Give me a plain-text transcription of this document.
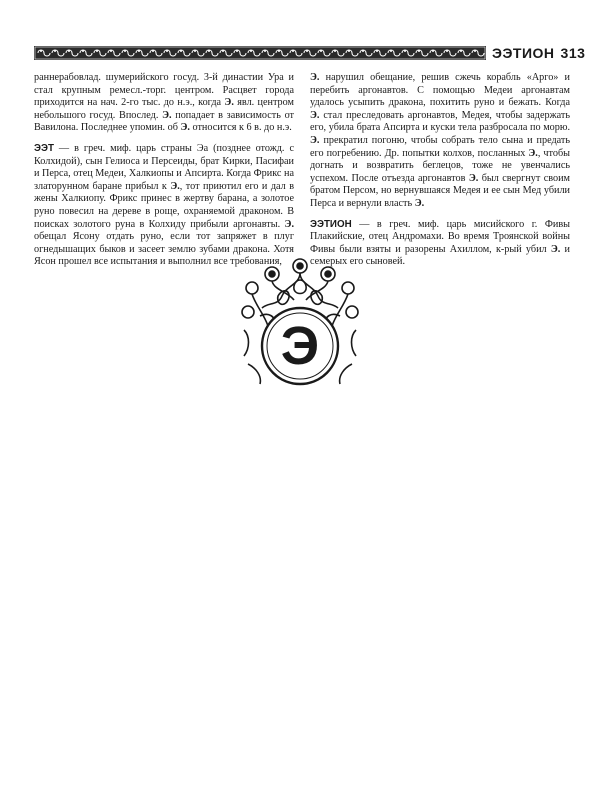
ЭЭТИОН 313

раннерабовлад. шумерийского госуд. 3-й династии Ура и стал крупным ремесл.-торг. центром. Расцвет города приходится на нач. 2-го тыс. до н.э., когда Э. явл. центром небольшого госуд. Впослед. Э. попадает в зависимость от Вавилона. Последнее упомин. об Э. относится к 6 в. до н.э.

ЭЭТ — в греч. миф. царь страны Эа (позднее отожд. с Колхидой), сын Гелиоса и Персеиды, брат Кирки, Пасифаи и Перса, отец Медеи, Халкиопы и Апсирта. Когда Фрикс на златорунном баране прибыл к Э., тот приютил его и дал в жены Халкиопу. Фрикс принес в жертву барана, а золотое руно повесил на дереве в роще, охраняемой драконом. В поисках золотого руна в Колхиду прибыли аргонавты. Э. обещал Ясону отдать руно, если тот запряжет в плуг огнедышащих быков и засеет землю зубами дракона. Хотя Ясон прошел все испытания и выполнил все требования,

Э. нарушил обещание, решив сжечь корабль «Арго» и перебить аргонавтов. С помощью Медеи аргонавтам удалось усыпить дракона, похитить руно и бежать. Когда Э. стал преследовать аргонавтов, Медея, чтобы задержать его, убила брата Апсирта и куски тела разбросала по морю. Э. прекратил погоню, чтобы собрать тело сына и предать его погребению. Др. попытки колхов, посланных Э., чтобы догнать и возвратить беглецов, тоже не увенчались успехом. После отъезда аргонавтов Э. был свергнут своим братом Персом, но вернувшаяся Медея и ее сын Мед убили Перса и вернули власть Э.

ЭЭТИОН — в греч. миф. царь мисийского г. Фивы Плакийские, отец Андромахи. Во время Троянской войны Фивы были взяты и разорены Ахиллом, к-рый убил Э. и семерых его сыновей.

Э
